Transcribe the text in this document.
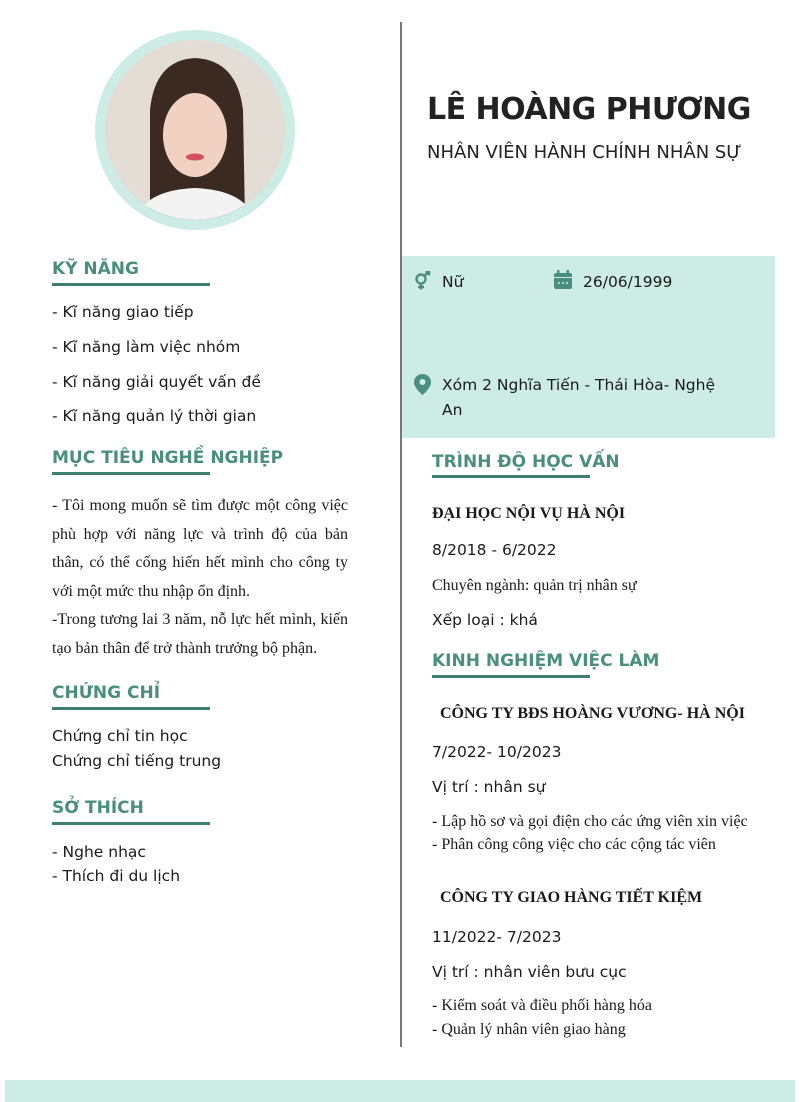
LÊ HOÀNG PHƯƠNG
NHÂN VIÊN HÀNH CHÍNH NHÂN SỰ
Nữ	26/06/1999
Xóm 2 Nghĩa Tiến - Thái Hòa- Nghệ
An
KỸ NĂNG
- Kĩ năng giao tiếp
- Kĩ năng làm việc nhóm
- Kĩ năng giải quyết vấn đề
- Kĩ năng quản lý thời gian
MỤC TIÊU NGHỀ NGHIỆP
- Tôi mong muốn sẽ tìm được một công việc phù hợp với năng lực và trình độ của bản thân, có thể cống hiến hết mình cho công ty với một mức thu nhập ổn định.
-Trong tương lai 3 năm, nỗ lực hết mình, kiến tạo bản thân để trở thành trưởng bộ phận.
CHỨNG CHỈ
Chứng chỉ tin học
Chứng chỉ tiếng trung
SỞ THÍCH
- Nghe nhạc
- Thích đi du lịch
TRÌNH ĐỘ HỌC VẤN
ĐẠI HỌC NỘI VỤ HÀ NỘI
8/2018 - 6/2022
Chuyên ngành: quản trị nhân sự
Xếp loại : khá
KINH NGHIỆM VIỆC LÀM
CÔNG TY BĐS HOÀNG VƯƠNG- HÀ NỘI
7/2022- 10/2023
Vị trí : nhân sự
- Lập hồ sơ và gọi điện cho các ứng viên xin việc
- Phân công công việc cho các cộng tác viên
CÔNG TY GIAO HÀNG TIẾT KIỆM
11/2022- 7/2023
Vị trí : nhân viên bưu cục
- Kiểm soát và điều phối hàng hóa
- Quản lý nhân viên giao hàng
